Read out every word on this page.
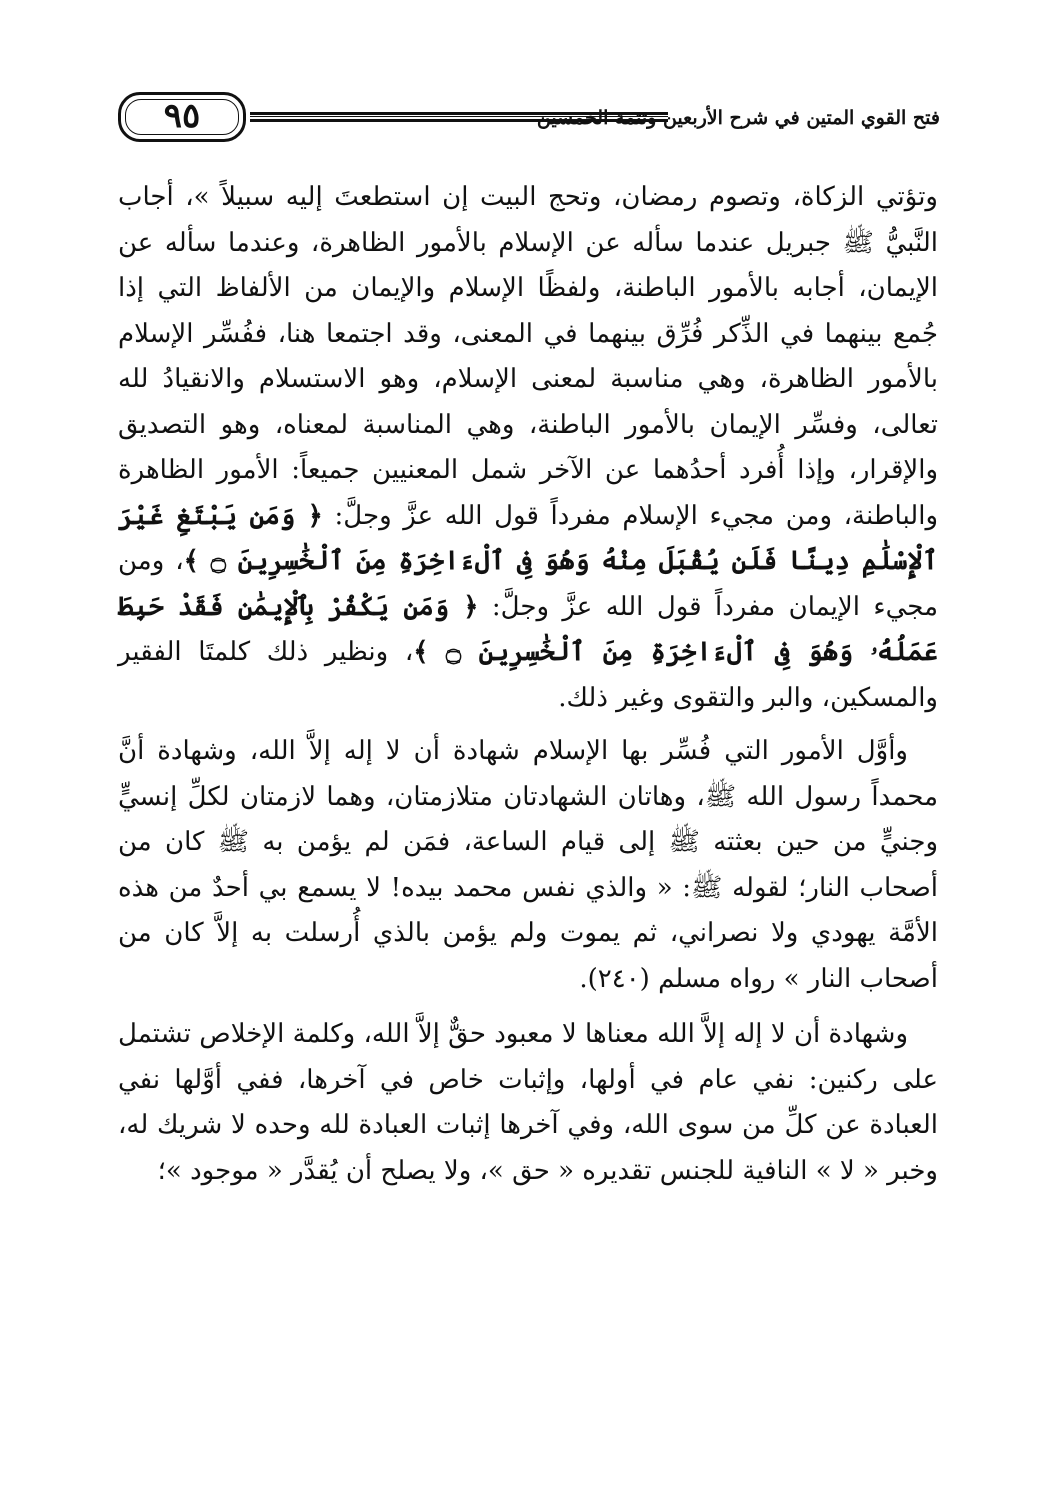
٩٥	فتح القوي المتين في شرح الأربعين وتتمة الخمسين

وتؤتي الزكاة، وتصوم رمضان، وتحج البيت إن استطعتَ إليه سبيلاً »، أجاب النَّبيُّ ﷺ جبريل عندما سأله عن الإسلام بالأمور الظاهرة، وعندما سأله عن الإيمان، أجابه بالأمور الباطنة، ولفظًا الإسلام والإيمان من الألفاظ التي إذا جُمع بينهما في الذِّكر فُرِّق بينهما في المعنى، وقد اجتمعا هنا، ففُسِّر الإسلام بالأمور الظاهرة، وهي مناسبة لمعنى الإسلام، وهو الاستسلام والانقيادُ لله تعالى، وفسِّر الإيمان بالأمور الباطنة، وهي المناسبة لمعناه، وهو التصديق والإقرار، وإذا أُفرد أحدُهما عن الآخر شمل المعنيين جميعاً: الأمور الظاهرة والباطنة، ومن مجيء الإسلام مفرداً قول الله عزَّ وجلَّ: ﴿ وَمَن يَبْتَغِ غَيْرَ ٱلْإِسْلَٰمِ دِينًا فَلَن يُقْبَلَ مِنْهُ وَهُوَ فِى ٱلْءَاخِرَةِ مِنَ ٱلْخَٰسِرِينَ ۝ ﴾، ومن مجيء الإيمان مفرداً قول الله عزَّ وجلَّ: ﴿ وَمَن يَكْفُرْ بِٱلْإِيمَٰنِ فَقَدْ حَبِطَ عَمَلُهُۥ وَهُوَ فِى ٱلْءَاخِرَةِ مِنَ ٱلْخَٰسِرِينَ ۝ ﴾، ونظير ذلك كلمتَا الفقير والمسكين، والبر والتقوى وغير ذلك.

وأوَّل الأمور التي فُسِّر بها الإسلام شهادة أن لا إله إلاَّ الله، وشهادة أنَّ محمداً رسول الله ﷺ، وهاتان الشهادتان متلازمتان، وهما لازمتان لكلِّ إنسيٍّ وجنيٍّ من حين بعثته ﷺ إلى قيام الساعة، فمَن لم يؤمن به ﷺ كان من أصحاب النار؛ لقوله ﷺ: « والذي نفس محمد بيده! لا يسمع بي أحدٌ من هذه الأمَّة يهودي ولا نصراني، ثم يموت ولم يؤمن بالذي أُرسلت به إلاَّ كان من أصحاب النار » رواه مسلم (٢٤٠).

وشهادة أن لا إله إلاَّ الله معناها لا معبود حقٌّ إلاَّ الله، وكلمة الإخلاص تشتمل على ركنين: نفي عام في أولها، وإثبات خاص في آخرها، ففي أوَّلها نفي العبادة عن كلِّ من سوى الله، وفي آخرها إثبات العبادة لله وحده لا شريك له، وخبر « لا » النافية للجنس تقديره « حق »، ولا يصلح أن يُقدَّر « موجود »؛
